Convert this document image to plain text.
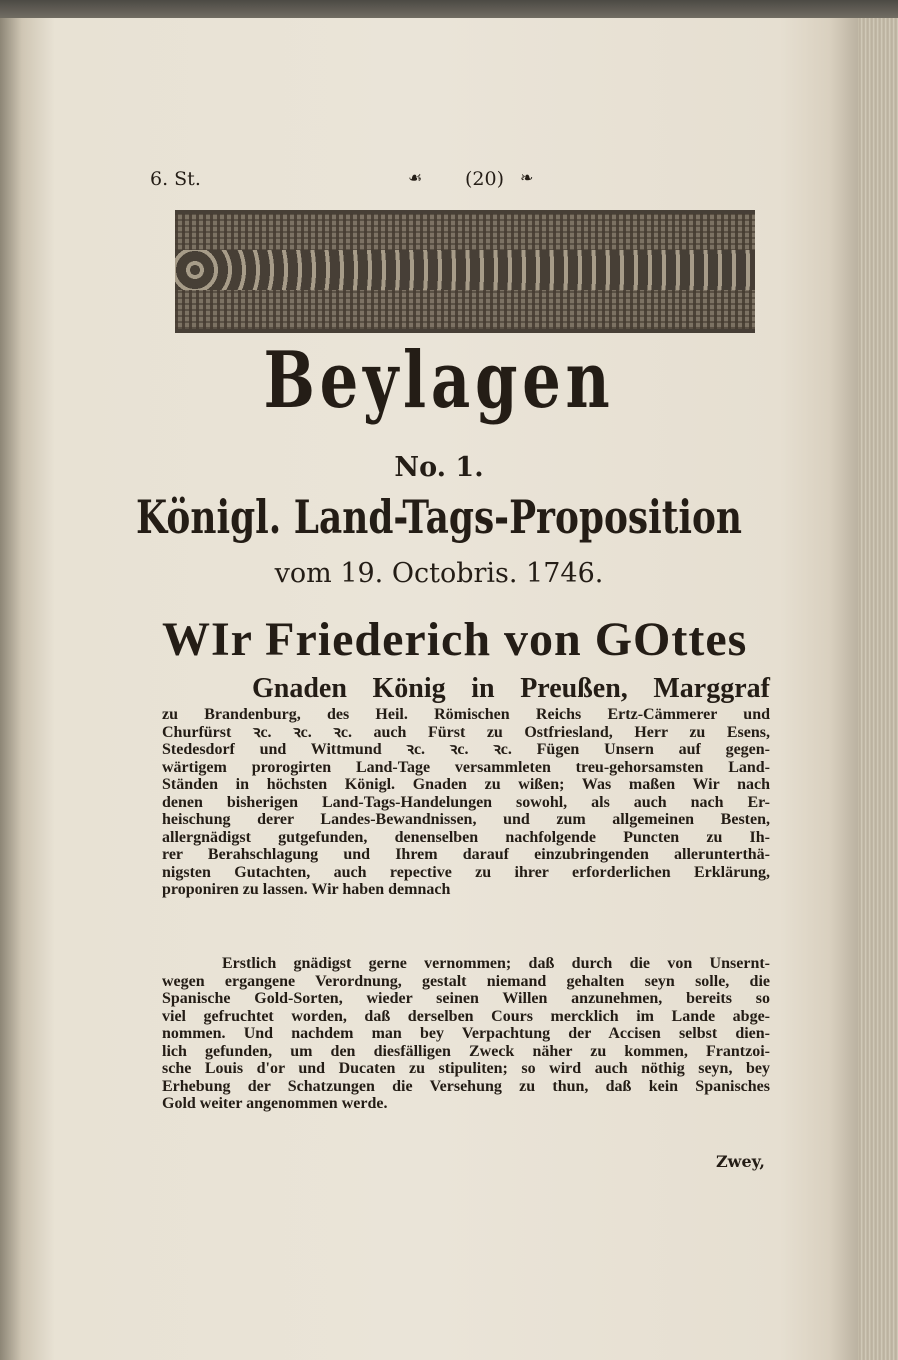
6. St.	☙ (20) ❧
Beylagen
No. 1.
Königl. Land-Tags-Proposition
vom 19. Octobris. 1746.
WIr Friederich von GOttes
Gnaden König in Preußen, Marggraf
zu Brandenburg, des Heil. Römischen Reichs Ertz-Cämmerer und
Churfürst ꝛc. ꝛc. ꝛc. auch Fürst zu Ostfriesland, Herr zu Esens,
Stedesdorf und Wittmund ꝛc. ꝛc. ꝛc. Fügen Unsern auf gegen-
wärtigem prorogirten Land-Tage versammleten treu-gehorsamsten Land-
Ständen in höchsten Königl. Gnaden zu wißen; Was maßen Wir nach
denen bisherigen Land-Tags-Handelungen sowohl, als auch nach Er-
heischung derer Landes-Bewandnissen, und zum allgemeinen Besten,
allergnädigst gutgefunden, denenselben nachfolgende Puncten zu Ih-
rer Berahschlagung und Ihrem darauf einzubringenden allerunterthä-
nigsten Gutachten, auch repective zu ihrer erforderlichen Erklärung,
proponiren zu lassen. Wir haben demnach
Erstlich gnädigst gerne vernommen; daß durch die von Unsernt-
wegen ergangene Verordnung, gestalt niemand gehalten seyn solle, die
Spanische Gold-Sorten, wieder seinen Willen anzunehmen, bereits so
viel gefruchtet worden, daß derselben Cours mercklich im Lande abge-
nommen. Und nachdem man bey Verpachtung der Accisen selbst dien-
lich gefunden, um den diesfälligen Zweck näher zu kommen, Frantzoi-
sche Louis d'or und Ducaten zu stipuliten; so wird auch nöthig seyn, bey
Erhebung der Schatzungen die Versehung zu thun, daß kein Spanisches
Gold weiter angenommen werde.
Zwey,
